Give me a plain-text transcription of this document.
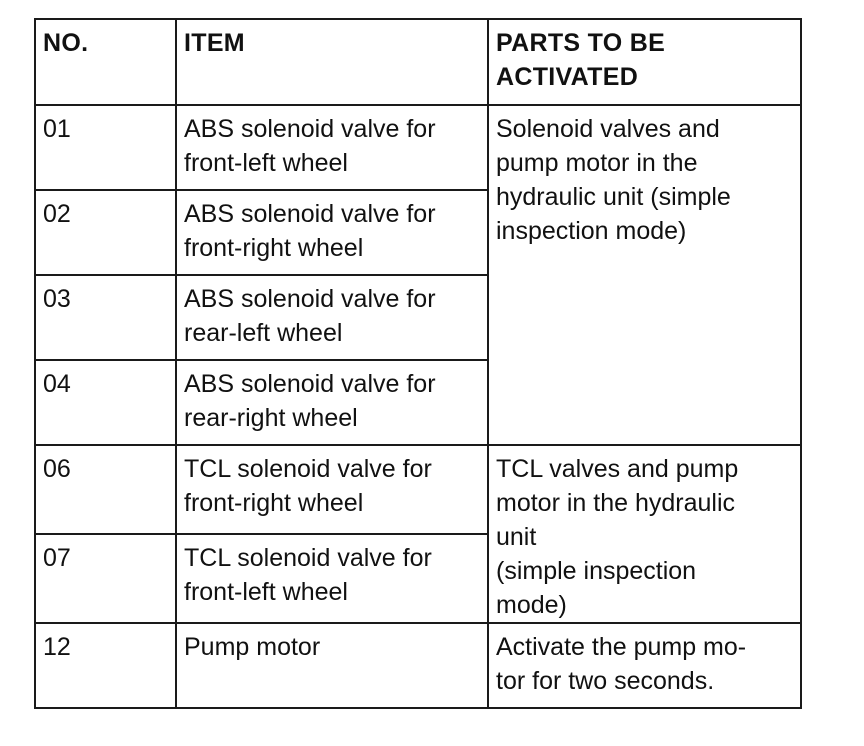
NO.	ITEM	PARTS TO BE
ACTIVATED
01	ABS solenoid valve for
front-left wheel	Solenoid valves and
pump motor in the
hydraulic unit (simple
inspection mode)
02	ABS solenoid valve for
front-right wheel	
03	ABS solenoid valve for
rear-left wheel	
04	ABS solenoid valve for
rear-right wheel	
06	TCL solenoid valve for
front-right wheel	TCL valves and pump
motor in the hydraulic
unit
(simple inspection
mode)
07	TCL solenoid valve for
front-left wheel	
12	Pump motor	Activate the pump mo-
tor for two seconds.
